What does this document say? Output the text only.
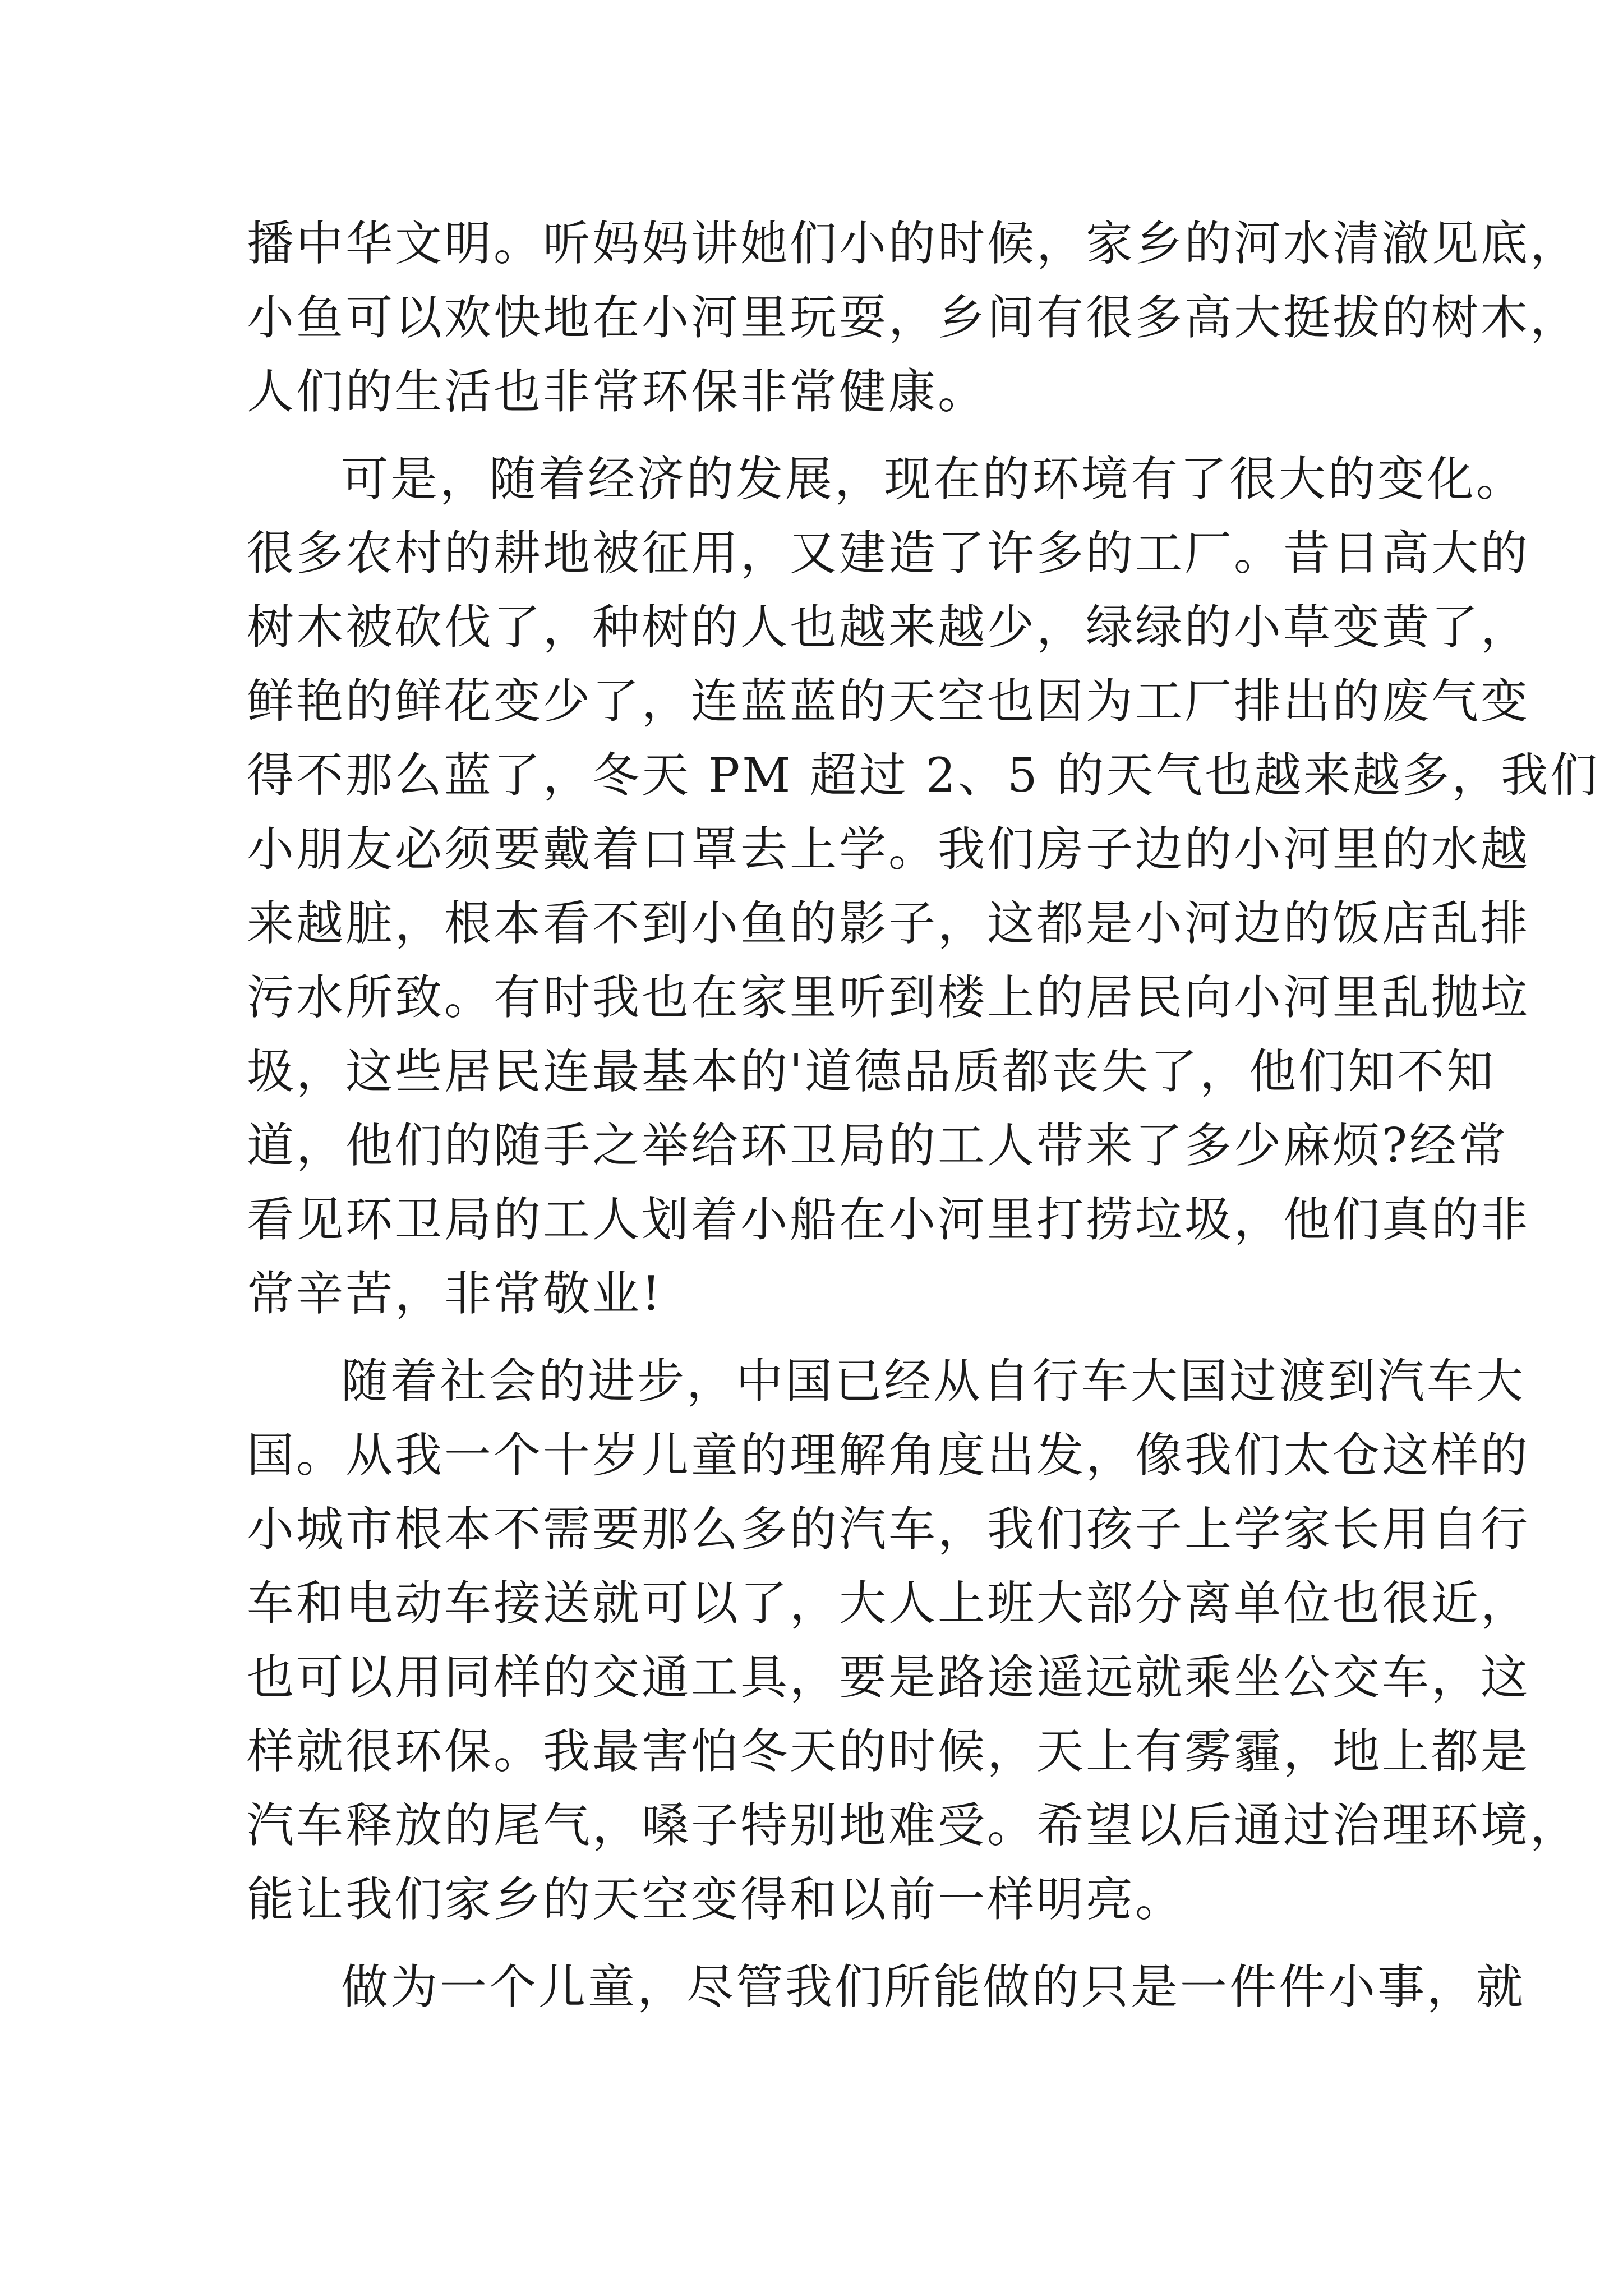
播中华文明。听妈妈讲她们小的时候，家乡的河水清澈见底，
小鱼可以欢快地在小河里玩耍，乡间有很多高大挺拔的树木，
人们的生活也非常环保非常健康。
可是，随着经济的发展，现在的环境有了很大的变化。
很多农村的耕地被征用，又建造了许多的工厂。昔日高大的
树木被砍伐了，种树的人也越来越少，绿绿的小草变黄了，
鲜艳的鲜花变少了，连蓝蓝的天空也因为工厂排出的废气变
得不那么蓝了，冬天 PM 超过 2、5 的天气也越来越多，我们
小朋友必须要戴着口罩去上学。我们房子边的小河里的水越
来越脏，根本看不到小鱼的影子，这都是小河边的饭店乱排
污水所致。有时我也在家里听到楼上的居民向小河里乱抛垃
圾，这些居民连最基本的'道德品质都丧失了，他们知不知
道，他们的随手之举给环卫局的工人带来了多少麻烦?经常
看见环卫局的工人划着小船在小河里打捞垃圾，他们真的非
常辛苦，非常敬业!
随着社会的进步，中国已经从自行车大国过渡到汽车大
国。从我一个十岁儿童的理解角度出发，像我们太仓这样的
小城市根本不需要那么多的汽车，我们孩子上学家长用自行
车和电动车接送就可以了，大人上班大部分离单位也很近，
也可以用同样的交通工具，要是路途遥远就乘坐公交车，这
样就很环保。我最害怕冬天的时候，天上有雾霾，地上都是
汽车释放的尾气，嗓子特别地难受。希望以后通过治理环境，
能让我们家乡的天空变得和以前一样明亮。
做为一个儿童，尽管我们所能做的只是一件件小事，就
